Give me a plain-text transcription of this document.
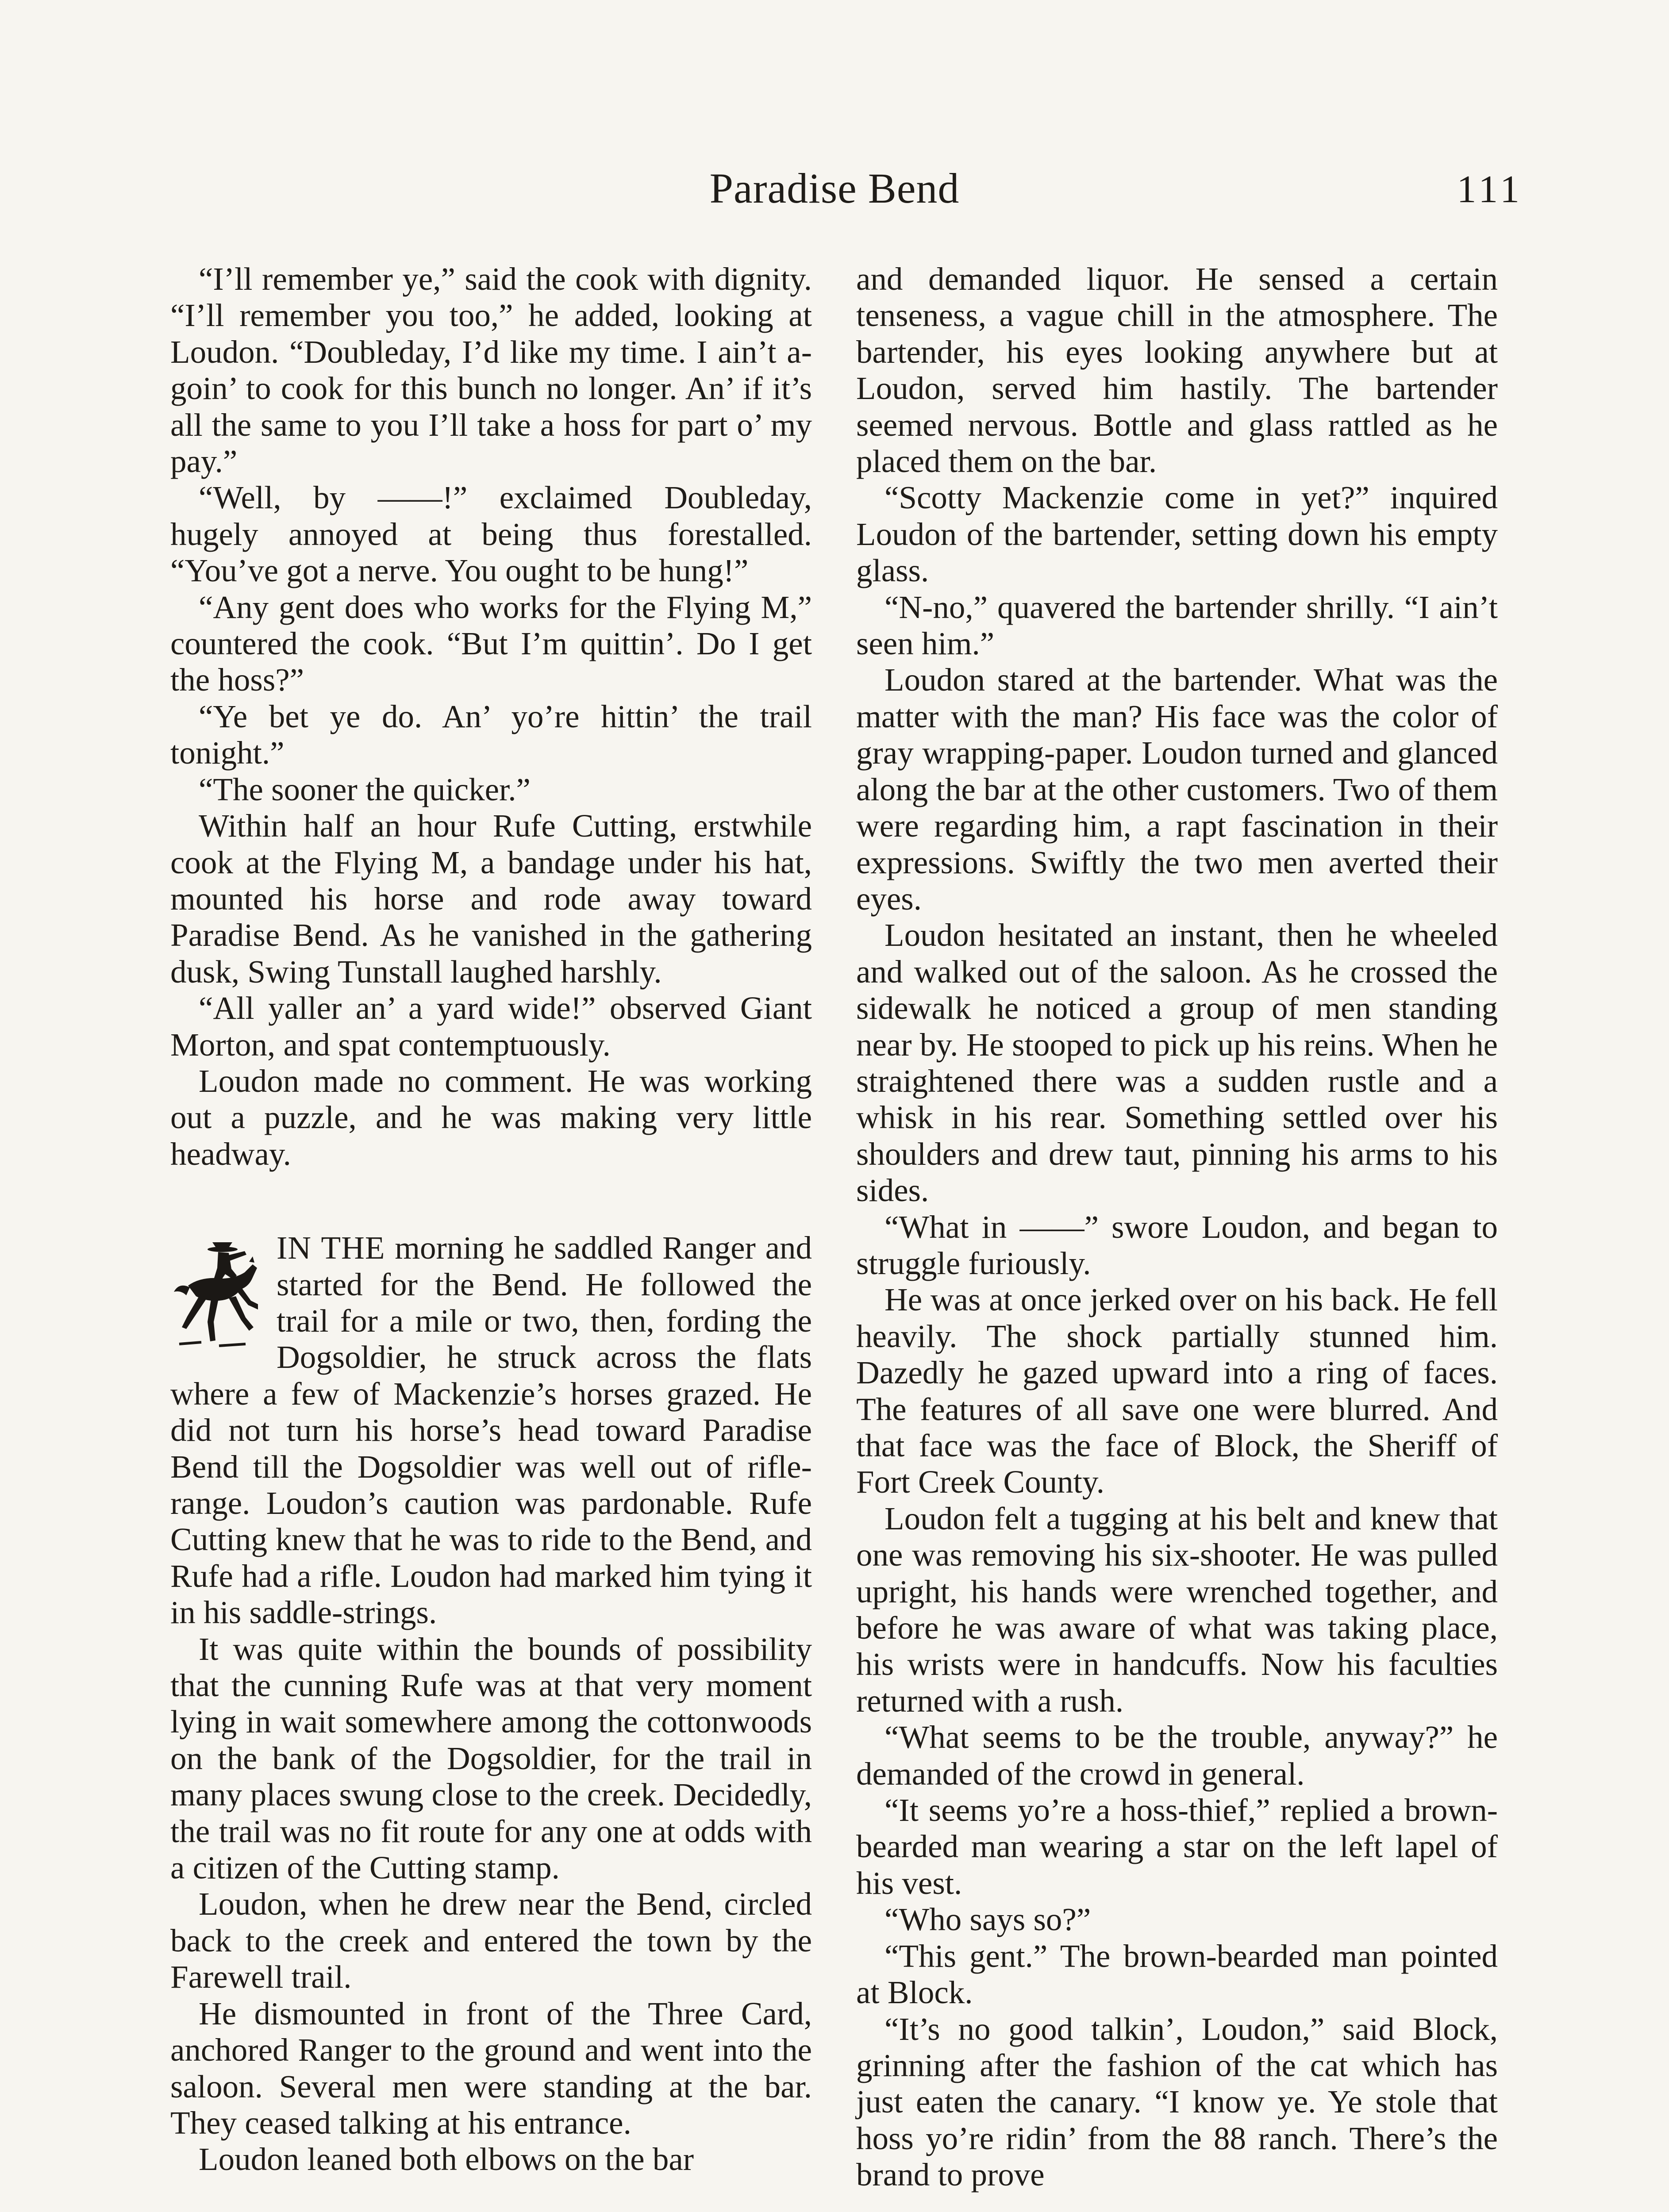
Paradise Bend	111

“I’ll remember ye,” said the cook with dignity. “I’ll remember you too,” he added, looking at Loudon. “Doubleday, I’d like my time. I ain’t a-goin’ to cook for this bunch no longer. An’ if it’s all the same to you I’ll take a hoss for part o’ my pay.”

“Well, by ——!” exclaimed Doubleday, hugely annoyed at being thus forestalled. “You’ve got a nerve. You ought to be hung!”

“Any gent does who works for the Flying M,” countered the cook. “But I’m quittin’. Do I get the hoss?”

“Ye bet ye do. An’ yo’re hittin’ the trail tonight.”

“The sooner the quicker.”

Within half an hour Rufe Cutting, erstwhile cook at the Flying M, a bandage under his hat, mounted his horse and rode away toward Paradise Bend. As he vanished in the gathering dusk, Swing Tunstall laughed harshly.

“All yaller an’ a yard wide!” observed Giant Morton, and spat contemptuously.

Loudon made no comment. He was working out a puzzle, and he was making very little headway.

IN THE morning he saddled Ranger and started for the Bend. He followed the trail for a mile or two, then, fording the Dogsoldier, he struck across the flats where a few of Mackenzie’s horses grazed. He did not turn his horse’s head toward Paradise Bend till the Dogsoldier was well out of rifle-range. Loudon’s caution was pardonable. Rufe Cutting knew that he was to ride to the Bend, and Rufe had a rifle. Loudon had marked him tying it in his saddle-strings.

It was quite within the bounds of possibility that the cunning Rufe was at that very moment lying in wait somewhere among the cottonwoods on the bank of the Dogsoldier, for the trail in many places swung close to the creek. Decidedly, the trail was no fit route for any one at odds with a citizen of the Cutting stamp.

Loudon, when he drew near the Bend, circled back to the creek and entered the town by the Farewell trail.

He dismounted in front of the Three Card, anchored Ranger to the ground and went into the saloon. Several men were standing at the bar. They ceased talking at his entrance.

Loudon leaned both elbows on the bar

and demanded liquor. He sensed a certain tenseness, a vague chill in the atmosphere. The bartender, his eyes looking anywhere but at Loudon, served him hastily. The bartender seemed nervous. Bottle and glass rattled as he placed them on the bar.

“Scotty Mackenzie come in yet?” inquired Loudon of the bartender, setting down his empty glass.

“N-no,” quavered the bartender shrilly. “I ain’t seen him.”

Loudon stared at the bartender. What was the matter with the man? His face was the color of gray wrapping-paper. Loudon turned and glanced along the bar at the other customers. Two of them were regarding him, a rapt fascination in their expressions. Swiftly the two men averted their eyes.

Loudon hesitated an instant, then he wheeled and walked out of the saloon. As he crossed the sidewalk he noticed a group of men standing near by. He stooped to pick up his reins. When he straightened there was a sudden rustle and a whisk in his rear. Something settled over his shoulders and drew taut, pinning his arms to his sides.

“What in ——” swore Loudon, and began to struggle furiously.

He was at once jerked over on his back. He fell heavily. The shock partially stunned him. Dazedly he gazed upward into a ring of faces. The features of all save one were blurred. And that face was the face of Block, the Sheriff of Fort Creek County.

Loudon felt a tugging at his belt and knew that one was removing his six-shooter. He was pulled upright, his hands were wrenched together, and before he was aware of what was taking place, his wrists were in handcuffs. Now his faculties returned with a rush.

“What seems to be the trouble, anyway?” he demanded of the crowd in general.

“It seems yo’re a hoss-thief,” replied a brown-bearded man wearing a star on the left lapel of his vest.

“Who says so?”

“This gent.” The brown-bearded man pointed at Block.

“It’s no good talkin’, Loudon,” said Block, grinning after the fashion of the cat which has just eaten the canary. “I know ye. Ye stole that hoss yo’re ridin’ from the 88 ranch. There’s the brand to prove
